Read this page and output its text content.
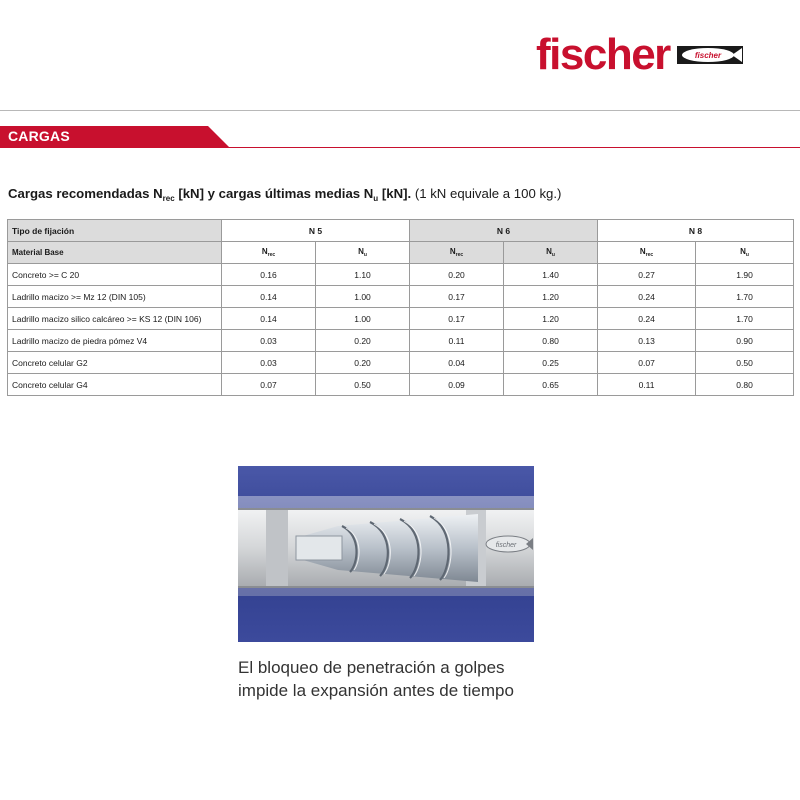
fischer	fischer
CARGAS
Cargas recomendadas $N_{rec}$ [kN] y cargas últimas medias $N_u$ [kN]. (1 kN equivale a 100 kg.)
Tipo de fijación	N 5		N 6		N 8	
Material Base	$N_{rec}$	$N_u$	$N_{rec}$	$N_u$	$N_{rec}$	$N_u$
Concreto >= C 20	0.16	1.10	0.20	1.40	0.27	1.90
Ladrillo macizo >= Mz 12 (DIN 105)	0.14	1.00	0.17	1.20	0.24	1.70
Ladrillo macizo silico calcáreo >= KS 12 (DIN 106)	0.14	1.00	0.17	1.20	0.24	1.70
Ladrillo macizo de piedra pómez V4	0.03	0.20	0.11	0.80	0.13	0.90
Concreto celular G2	0.03	0.20	0.04	0.25	0.07	0.50
Concreto celular G4	0.07	0.50	0.09	0.65	0.11	0.80
fischer
El bloqueo de penetración a golpes
impide la expansión antes de tiempo
